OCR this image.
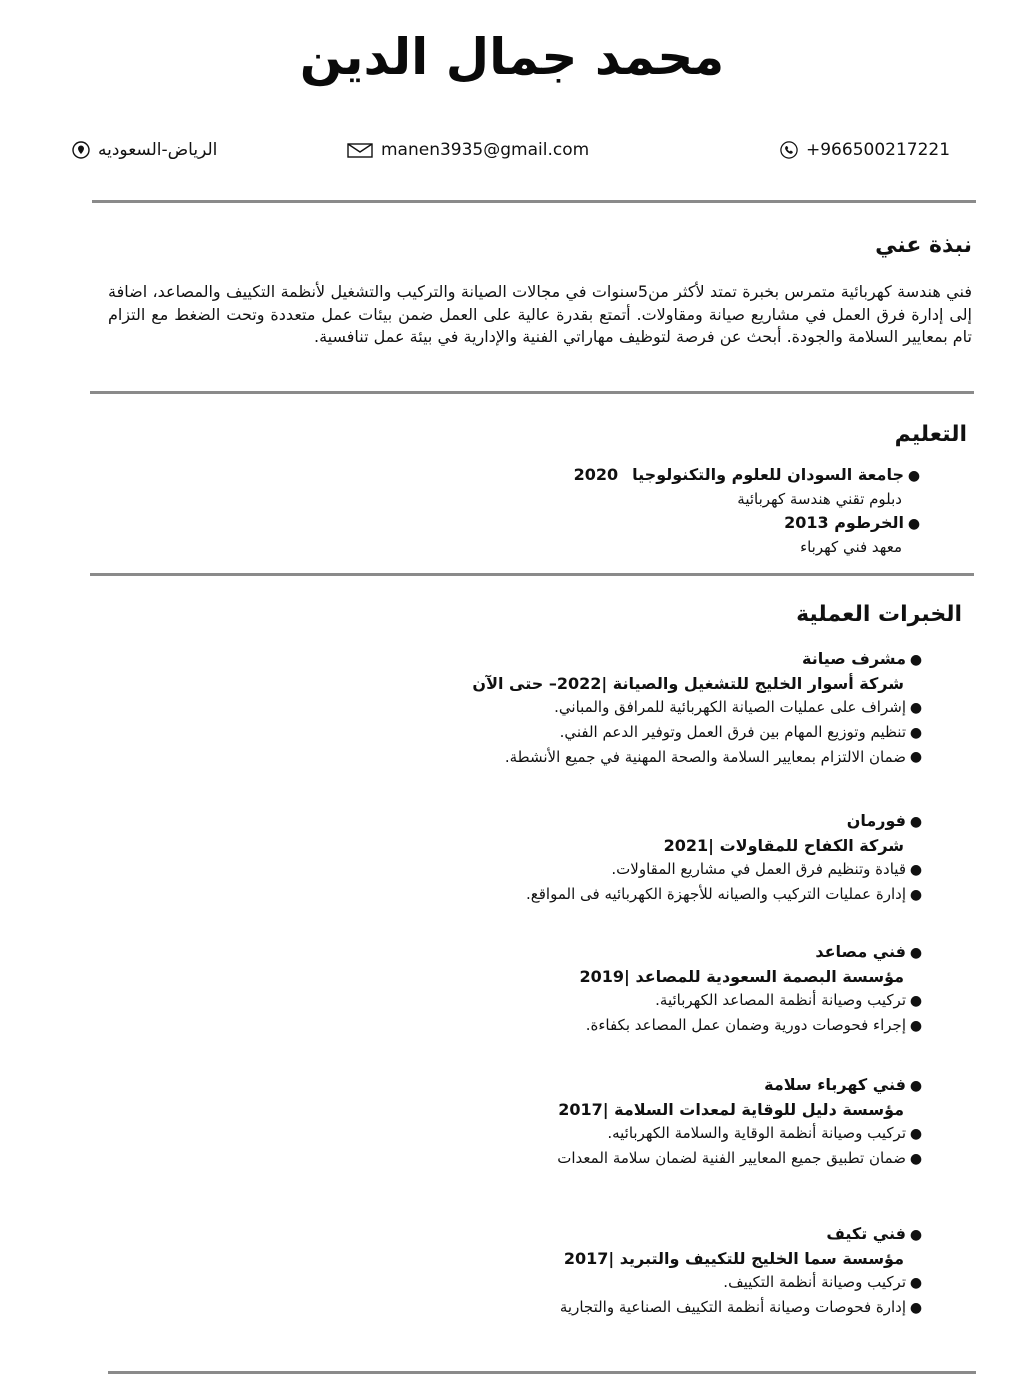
محمد جمال الدين
الرياض-السعوديه	manen3935@gmail.com	+966500217221
نبذة عني
فني هندسة كهربائية متمرس بخبرة تمتد لأكثر من5سنوات في مجالات الصيانة والتركيب والتشغيل لأنظمة التكييف والمصاعد، اضافة إلى إدارة فرق العمل في مشاريع صيانة ومقاولات. أتمتع بقدرة عالية على العمل ضمن بيئات عمل متعددة وتحت الضغط مع التزام تام بمعايير السلامة والجودة. أبحث عن فرصة لتوظيف مهاراتي الفنية والإدارية في بيئة عمل تنافسية.
التعليم
●
جامعة السودان للعلوم والتكنولوجيا
2020
دبلوم تقني هندسة كهربائية
●
الخرطوم 2013
معهد فني كهرباء
الخبرات العملية
●
مشرف صيانة
شركة أسوار الخليج للتشغيل والصيانة |2022– حتى الآن
●
إشراف على عمليات الصيانة الكهربائية للمرافق والمباني.
●
تنظيم وتوزيع المهام بين فرق العمل وتوفير الدعم الفني.
●
ضمان الالتزام بمعايير السلامة والصحة المهنية في جميع الأنشطة.
●
فورمان
شركة الكفاح للمقاولات |2021
●
قيادة وتنظيم فرق العمل في مشاريع المقاولات.
●
إدارة عمليات التركيب والصيانه للأجهزة الكهربائيه فى المواقع.
●
فني مصاعد
مؤسسة البصمة السعودية للمصاعد |2019
●
تركيب وصيانة أنظمة المصاعد الكهربائية.
●
إجراء فحوصات دورية وضمان عمل المصاعد بكفاءة.
●
فني كهرباء سلامة
مؤسسة دليل للوقاية لمعدات السلامة |2017
●
تركيب وصيانة أنظمة الوقاية والسلامة الكهربائيه.
●
ضمان تطبيق جميع المعايير الفنية لضمان سلامة المعدات
●
فني تكيف
مؤسسة سما الخليج للتكييف والتبريد |2017
●
تركيب وصيانة أنظمة التكييف.
●
إدارة فحوصات وصيانة أنظمة التكييف الصناعية والتجارية
